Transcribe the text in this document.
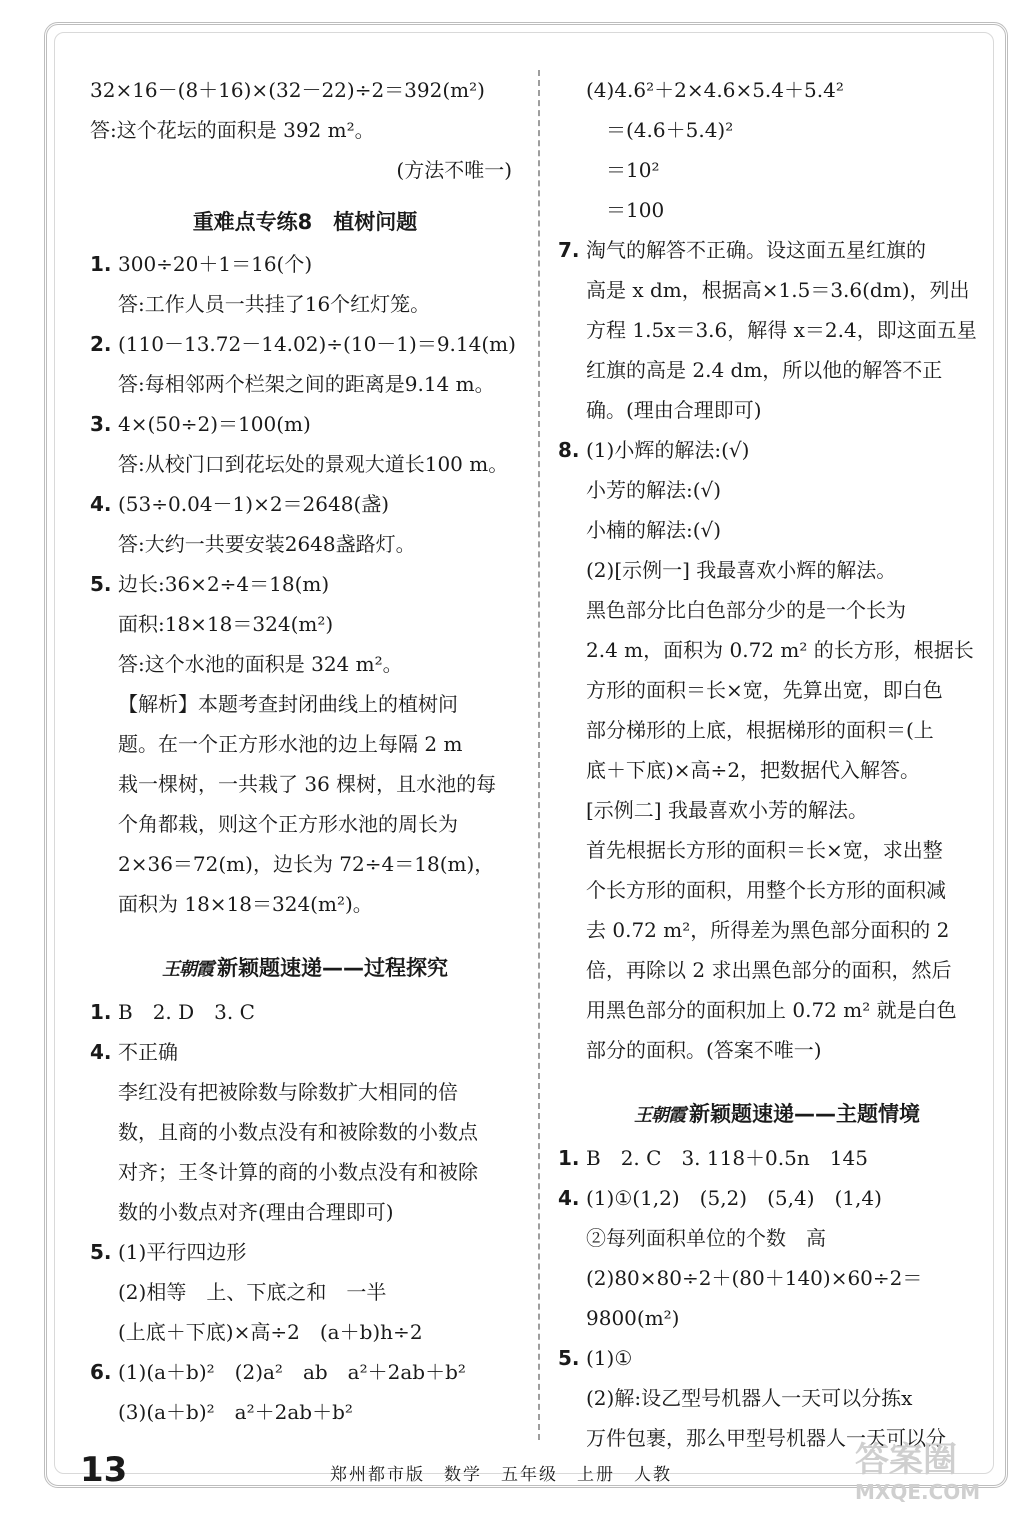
32×16－(8＋16)×(32－22)÷2＝392(m²)
答:这个花坛的面积是 392 m²。
(方法不唯一)
重难点专练8　植树问题
1. 300÷20＋1＝16(个)
答:工作人员一共挂了16个红灯笼。
2. (110－13.72－14.02)÷(10－1)＝9.14(m)
答:每相邻两个栏架之间的距离是9.14 m。
3. 4×(50÷2)＝100(m)
答:从校门口到花坛处的景观大道长100 m。
4. (53÷0.04－1)×2＝2648(盏)
答:大约一共要安装2648盏路灯。
5. 边长:36×2÷4＝18(m)
面积:18×18＝324(m²)
答:这个水池的面积是 324 m²。
【解析】本题考查封闭曲线上的植树问
题。在一个正方形水池的边上每隔 2 m
栽一棵树，一共栽了 36 棵树，且水池的每
个角都栽，则这个正方形水池的周长为
2×36＝72(m)，边长为 72÷4＝18(m)，
面积为 18×18＝324(m²)。
王朝霞 新颖题速递——过程探究
1. B　2. D　3. C
4. 不正确
李红没有把被除数与除数扩大相同的倍
数，且商的小数点没有和被除数的小数点
对齐；王冬计算的商的小数点没有和被除
数的小数点对齐(理由合理即可)
5. (1)平行四边形
(2)相等　上、下底之和　一半
(上底＋下底)×高÷2　(a＋b)h÷2
6. (1)(a＋b)²　(2)a²　ab　a²＋2ab＋b²
(3)(a＋b)²　a²＋2ab＋b²
(4)4.6²＋2×4.6×5.4＋5.4²
　＝(4.6＋5.4)²
　＝10²
　＝100
7. 淘气的解答不正确。设这面五星红旗的
高是 x dm，根据高×1.5＝3.6(dm)，列出
方程 1.5x＝3.6，解得 x＝2.4，即这面五星
红旗的高是 2.4 dm，所以他的解答不正
确。(理由合理即可)
8. (1)小辉的解法:(√)
小芳的解法:(√)
小楠的解法:(√)
(2)[示例一] 我最喜欢小辉的解法。
黑色部分比白色部分少的是一个长为
2.4 m，面积为 0.72 m² 的长方形，根据长
方形的面积＝长×宽，先算出宽，即白色
部分梯形的上底，根据梯形的面积＝(上
底＋下底)×高÷2，把数据代入解答。
[示例二] 我最喜欢小芳的解法。
首先根据长方形的面积＝长×宽，求出整
个长方形的面积，用整个长方形的面积减
去 0.72 m²，所得差为黑色部分面积的 2
倍，再除以 2 求出黑色部分的面积，然后
用黑色部分的面积加上 0.72 m² 就是白色
部分的面积。(答案不唯一)
王朝霞 新颖题速递——主题情境
1. B　2. C　3. 118＋0.5n　145
4. (1)①(1,2)　(5,2)　(5,4)　(1,4)
②每列面积单位的个数　高
(2)80×80÷2＋(80＋140)×60÷2＝
9800(m²)
5. (1)①
(2)解:设乙型号机器人一天可以分拣x
万件包裹，那么甲型号机器人一天可以分
13	郑州都市版　数学　五年级　上册　人教	答案圈
MXQE.COM
